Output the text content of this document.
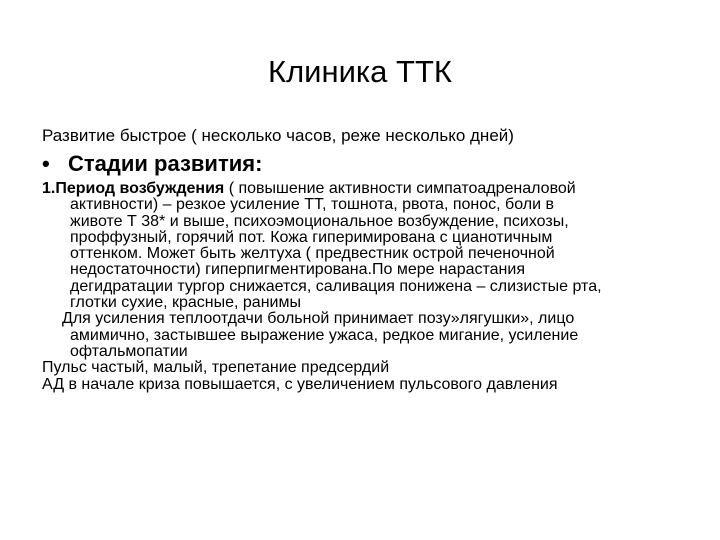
Клиника ТТК
Развитие быстрое ( несколько часов, реже несколько дней)
• Стадии развития:
1.Период возбуждения ( повышение активности симпатоадреналовой
активности) – резкое усиление ТТ, тошнота, рвота, понос, боли в
животе Т 38* и выше, психоэмоциональное возбуждение, психозы,
проффузный, горячий пот. Кожа гиперимирована с цианотичным
оттенком. Может быть желтуха ( предвестник острой печеночной
недостаточности) гиперпигментирована.По мере нарастания
дегидратации тургор снижается, саливация понижена – слизистые рта,
глотки сухие, красные, ранимы
Для усиления теплоотдачи больной принимает позу»лягушки», лицо
амимично, застывшее выражение ужаса, редкое мигание, усиление
офтальмопатии
Пульс частый, малый, трепетание предсердий
АД в начале криза повышается, с увеличением пульсового давления
